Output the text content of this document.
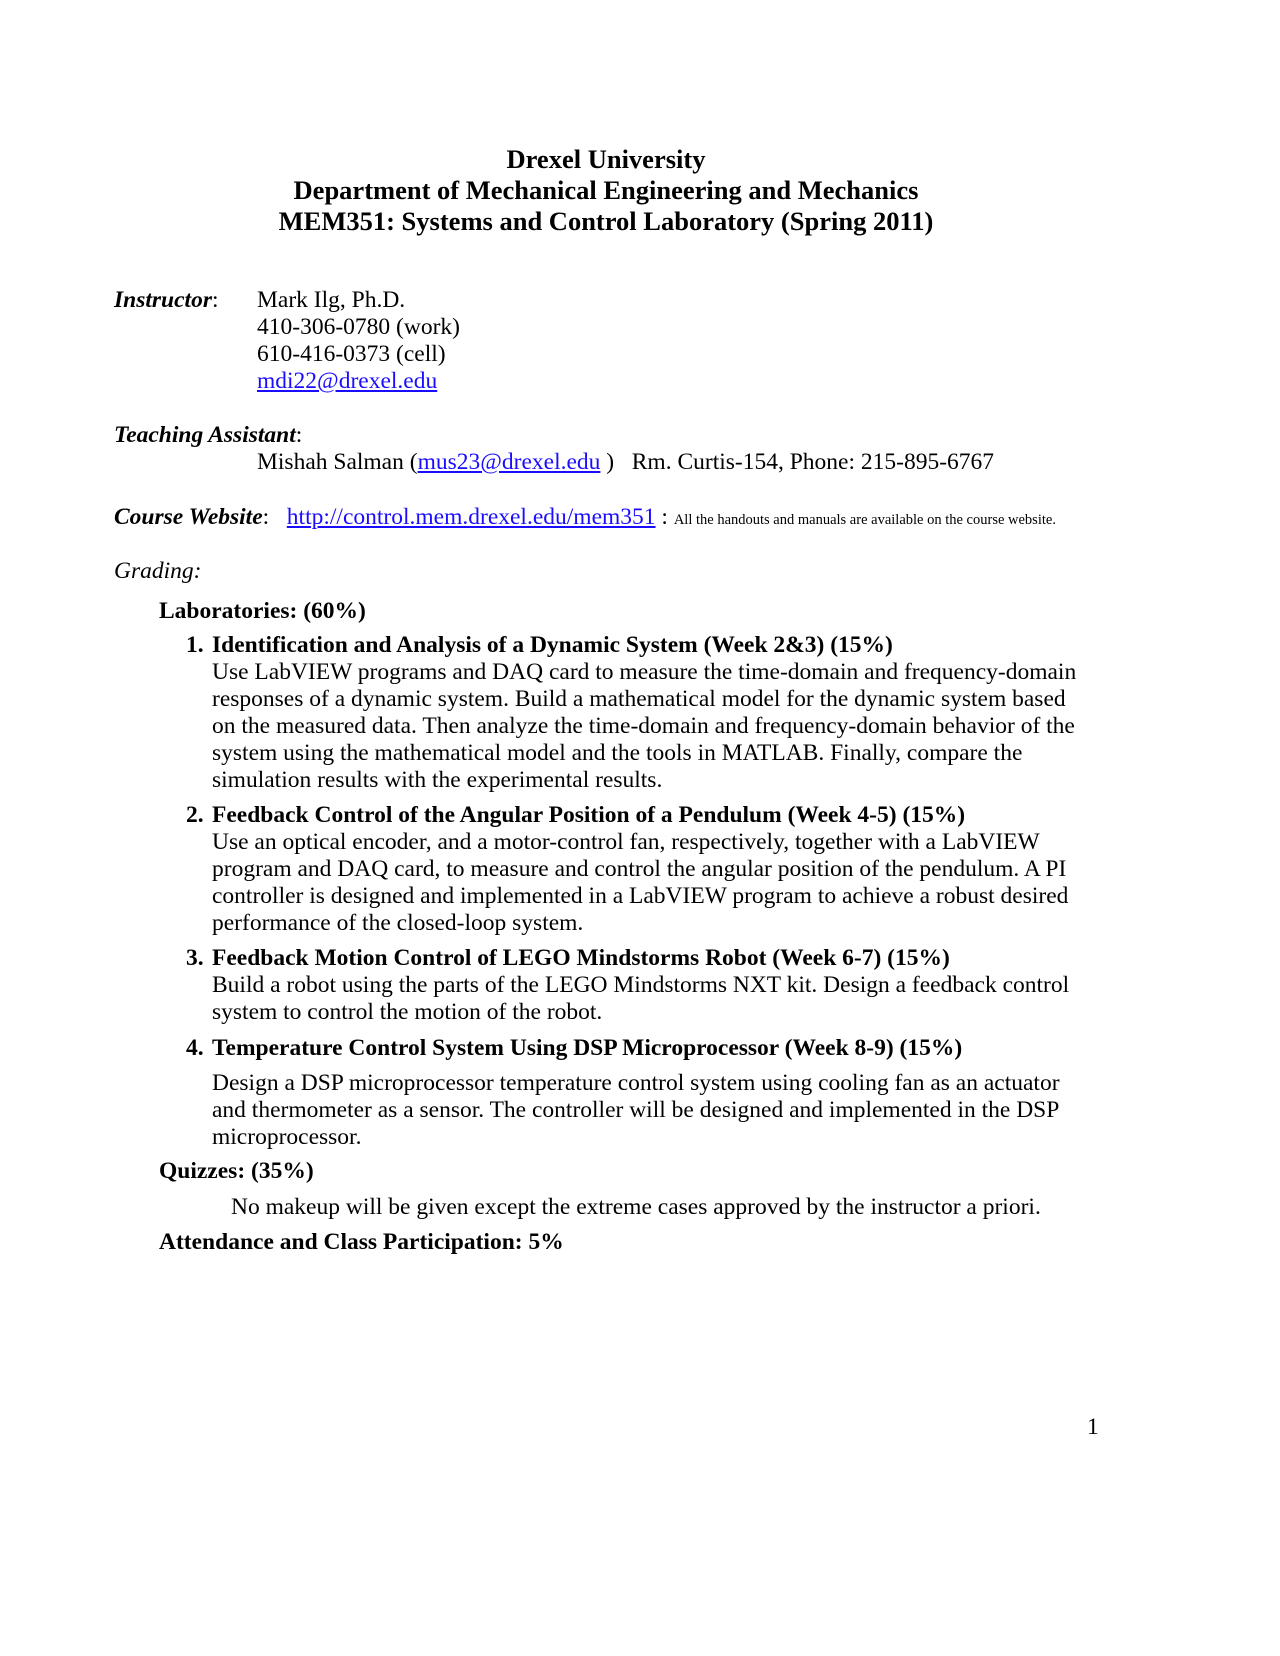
Drexel University
Department of Mechanical Engineering and Mechanics
MEM351: Systems and Control Laboratory (Spring 2011)
Instructor: Mark Ilg, Ph.D.
410-306-0780 (work)
610-416-0373 (cell)
mdi22@drexel.edu
Teaching Assistant:
Mishah Salman (mus23@drexel.edu )   Rm. Curtis-154, Phone: 215-895-6767
Course Website:   http://control.mem.drexel.edu/mem351 : All the handouts and manuals are available on the course website.
Grading:
Laboratories: (60%)
1. Identification and Analysis of a Dynamic System (Week 2&3) (15%)
Use LabVIEW programs and DAQ card to measure the time-domain and frequency-domain
responses of a dynamic system. Build a mathematical model for the dynamic system based
on the measured data. Then analyze the time-domain and frequency-domain behavior of the
system using the mathematical model and the tools in MATLAB. Finally, compare the
simulation results with the experimental results.
2. Feedback Control of the Angular Position of a Pendulum (Week 4-5) (15%)
Use an optical encoder, and a motor-control fan, respectively, together with a LabVIEW
program and DAQ card, to measure and control the angular position of the pendulum. A PI
controller is designed and implemented in a LabVIEW program to achieve a robust desired
performance of the closed-loop system.
3. Feedback Motion Control of LEGO Mindstorms Robot (Week 6-7) (15%)
Build a robot using the parts of the LEGO Mindstorms NXT kit. Design a feedback control
system to control the motion of the robot.
4. Temperature Control System Using DSP Microprocessor (Week 8-9) (15%)
Design a DSP microprocessor temperature control system using cooling fan as an actuator
and thermometer as a sensor. The controller will be designed and implemented in the DSP
microprocessor.
Quizzes: (35%)
No makeup will be given except the extreme cases approved by the instructor a priori.
Attendance and Class Participation: 5%
1
